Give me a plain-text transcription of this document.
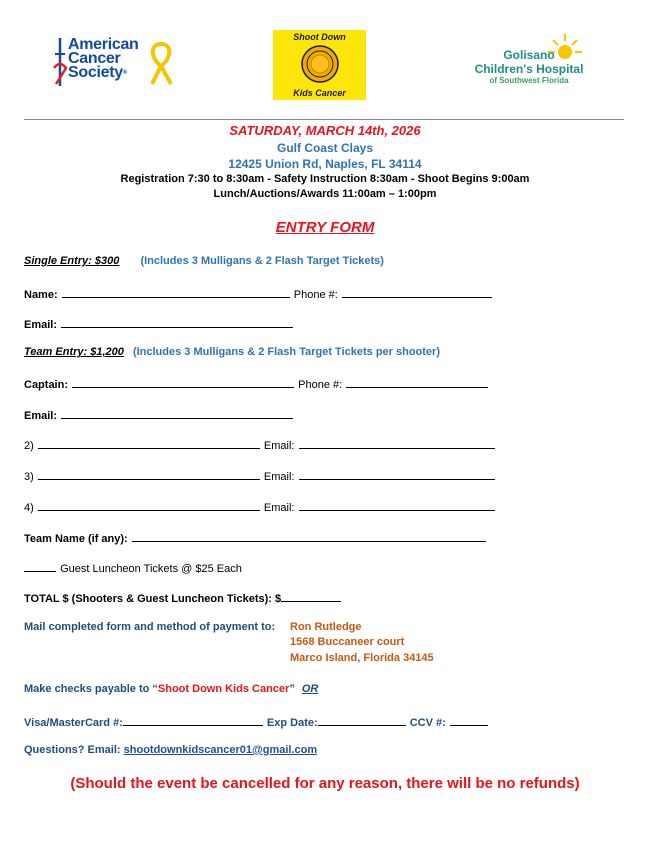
American
Cancer
Society®
Shoot Down
Kids Cancer
Golisano
Children's Hospital
of Southwest Florida
SATURDAY, MARCH 14th, 2026
Gulf Coast Clays
12425 Union Rd, Naples, FL 34114
Registration 7:30 to 8:30am - Safety Instruction 8:30am - Shoot Begins 9:00am
Lunch/Auctions/Awards 11:00am – 1:00pm
ENTRY FORM
Single Entry: $300 (Includes 3 Mulligans & 2 Flash Target Tickets)
Name:	Phone #:
Email:
Team Entry: $1,200 (Includes 3 Mulligans & 2 Flash Target Tickets per shooter)
Captain:	Phone #:
Email:
2)	Email:
3)	Email:
4)	Email:
Team Name (if any):
Guest Luncheon Tickets @ $25 Each
TOTAL $ (Shooters & Guest Luncheon Tickets): $
Mail completed form and method of payment to: Ron Rutledge
1568 Buccaneer court
Marco Island, Florida 34145
Make checks payable to “Shoot Down Kids Cancer” OR
Visa/MasterCard #:	Exp Date:	CCV #:
Questions? Email: shootdownkidscancer01@gmail.com
(Should the event be cancelled for any reason, there will be no refunds)
